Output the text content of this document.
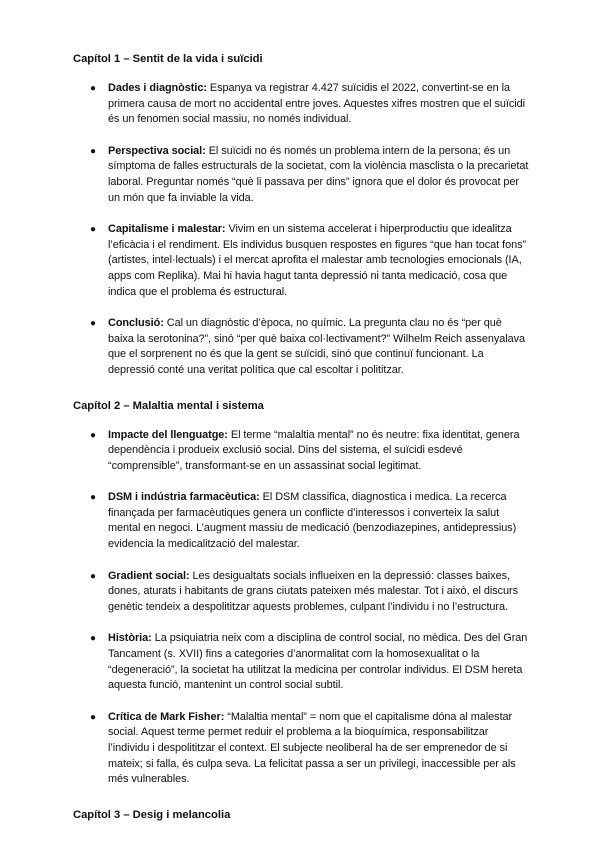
Capítol 1 – Sentit de la vida i suïcidi
● Dades i diagnòstic: Espanya va registrar 4.427 suïcidis el 2022, convertint-se en la primera causa de mort no accidental entre joves. Aquestes xifres mostren que el suïcidi és un fenomen social massiu, no només individual.
● Perspectiva social: El suïcidi no és només un problema intern de la persona; és un símptoma de falles estructurals de la societat, com la violència masclista o la precarietat laboral. Preguntar només “què li passava per dins” ignora que el dolor és provocat per un món que fa inviable la vida.
● Capitalisme i malestar: Vivim en un sistema accelerat i hiperproductiu que idealitza l’eficàcia i el rendiment. Els individus busquen respostes en figures “que han tocat fons” (artistes, intel·lectuals) i el mercat aprofita el malestar amb tecnologies emocionals (IA, apps com Replika). Mai hi havia hagut tanta depressió ni tanta medicació, cosa que indica que el problema és estructural.
● Conclusió: Cal un diagnòstic d’època, no químic. La pregunta clau no és “per què baixa la serotonina?”, sinó “per què baixa col·lectivament?” Wilhelm Reich assenyalava que el sorprenent no és que la gent se suïcidi, sinó que continuï funcionant. La depressió conté una veritat política que cal escoltar i polititzar.
Capítol 2 – Malaltia mental i sistema
● Impacte del llenguatge: El terme “malaltia mental” no és neutre: fixa identitat, genera dependència i produeix exclusió social. Dins del sistema, el suïcidi esdevé “comprensible”, transformant-se en un assassinat social legitimat.
● DSM i indústria farmacèutica: El DSM classifica, diagnostica i medica. La recerca finançada per farmacèutiques genera un conflicte d’interessos i converteix la salut mental en negoci. L’augment massiu de medicació (benzodiazepines, antidepressius) evidencia la medicalització del malestar.
● Gradient social: Les desigualtats socials influeixen en la depressió: classes baixes, dones, aturats i habitants de grans ciutats pateixen més malestar. Tot i això, el discurs genètic tendeix a despolititzar aquests problemes, culpant l’individu i no l’estructura.
● Història: La psiquiatria neix com a disciplina de control social, no mèdica. Des del Gran Tancament (s. XVII) fins a categories d’anormalitat com la homosexualitat o la “degeneració”, la societat ha utilitzat la medicina per controlar individus. El DSM hereta aquesta funció, mantenint un control social subtil.
● Crítica de Mark Fisher: “Malaltia mental” = nom que el capitalisme dóna al malestar social. Aquest terme permet reduir el problema a la bioquímica, responsabilitzar l’individu i despolititzar el context. El subjecte neoliberal ha de ser emprenedor de si mateix; si falla, és culpa seva. La felicitat passa a ser un privilegi, inaccessible per als més vulnerables.
Capítol 3 – Desig i melancolia
